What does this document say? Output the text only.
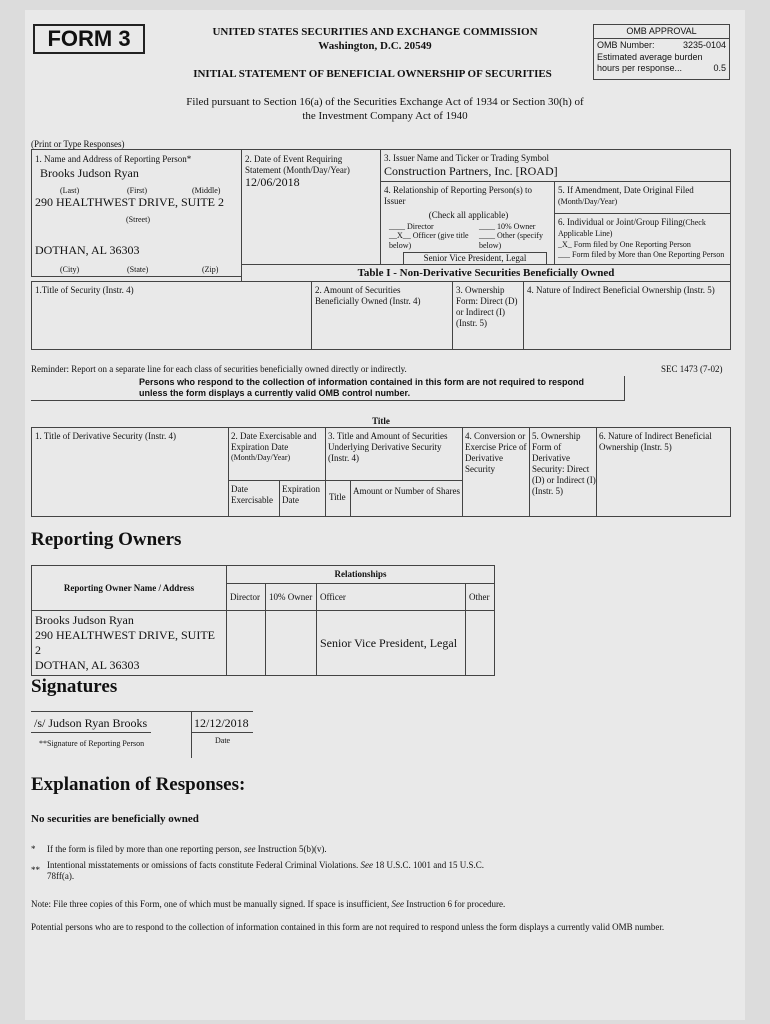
FORM 3	UNITED STATES SECURITIES AND EXCHANGE COMMISSION
Washington, D.C. 20549
INITIAL STATEMENT OF BENEFICIAL OWNERSHIP OF SECURITIES
OMB APPROVAL
OMB Number:	3235-0104
Estimated average burden
hours per response...	0.5
Filed pursuant to Section 16(a) of the Securities Exchange Act of 1934 or Section 30(h) of
the Investment Company Act of 1940
(Print or Type Responses)
1. Name and Address of Reporting Person*
Brooks Judson Ryan
(Last)	(First)	(Middle)
290 HEALTHWEST DRIVE, SUITE 2
(Street)
DOTHAN, AL 36303
(City)	(State)	(Zip)
2. Date of Event Requiring Statement (Month/Day/Year)
12/06/2018
3. Issuer Name and Ticker or Trading Symbol
Construction Partners, Inc. [ROAD]
4. Relationship of Reporting Person(s) to Issuer
(Check all applicable)
____ Director	____ 10% Owner
__X__ Officer (give title below)
____ Other (specify below)
Senior Vice President, Legal
5. If Amendment, Date Original Filed (Month/Day/Year)
6. Individual or Joint/Group Filing(Check Applicable Line)
_X_ Form filed by One Reporting Person
___ Form filed by More than One Reporting Person
Table I - Non-Derivative Securities Beneficially Owned
1.Title of Security (Instr. 4)	2. Amount of Securities Beneficially Owned (Instr. 4)
3. Ownership Form: Direct (D) or Indirect (I) (Instr. 5)
4. Nature of Indirect Beneficial Ownership (Instr. 5)
Reminder: Report on a separate line for each class of securities beneficially owned directly or indirectly.	SEC 1473 (7-02)
Persons who respond to the collection of information contained in this form are not required to respond
unless the form displays a currently valid OMB control number.
Title
1. Title of Derivative Security (Instr. 4)	2. Date Exercisable and Expiration Date
(Month/Day/Year)
Date Exercisable
Expiration Date
3. Title and Amount of Securities Underlying Derivative Security (Instr. 4)
Title
Amount or Number of Shares
4. Conversion or Exercise Price of Derivative Security
5. Ownership Form of Derivative Security: Direct (D) or Indirect (I) (Instr. 5)
6. Nature of Indirect Beneficial Ownership (Instr. 5)
Reporting Owners
Reporting Owner Name / Address	Relationships			
	Director	10% Owner	Officer	Other

Brooks Judson Ryan
290 HEALTHWEST DRIVE, SUITE 2
DOTHAN, AL 36303			Senior Vice President, Legal	
Signatures
/s/ Judson Ryan Brooks
**Signature of Reporting Person
12/12/2018
Date
Explanation of Responses:
No securities are beneficially owned
* If the form is filed by more than one reporting person, see Instruction 5(b)(v).
** Intentional misstatements or omissions of facts constitute Federal Criminal Violations. See 18 U.S.C. 1001 and 15 U.S.C.
78ff(a).
Note: File three copies of this Form, one of which must be manually signed. If space is insufficient, See Instruction 6 for procedure.
Potential persons who are to respond to the collection of information contained in this form are not required to respond unless the form displays a currently valid OMB number.
